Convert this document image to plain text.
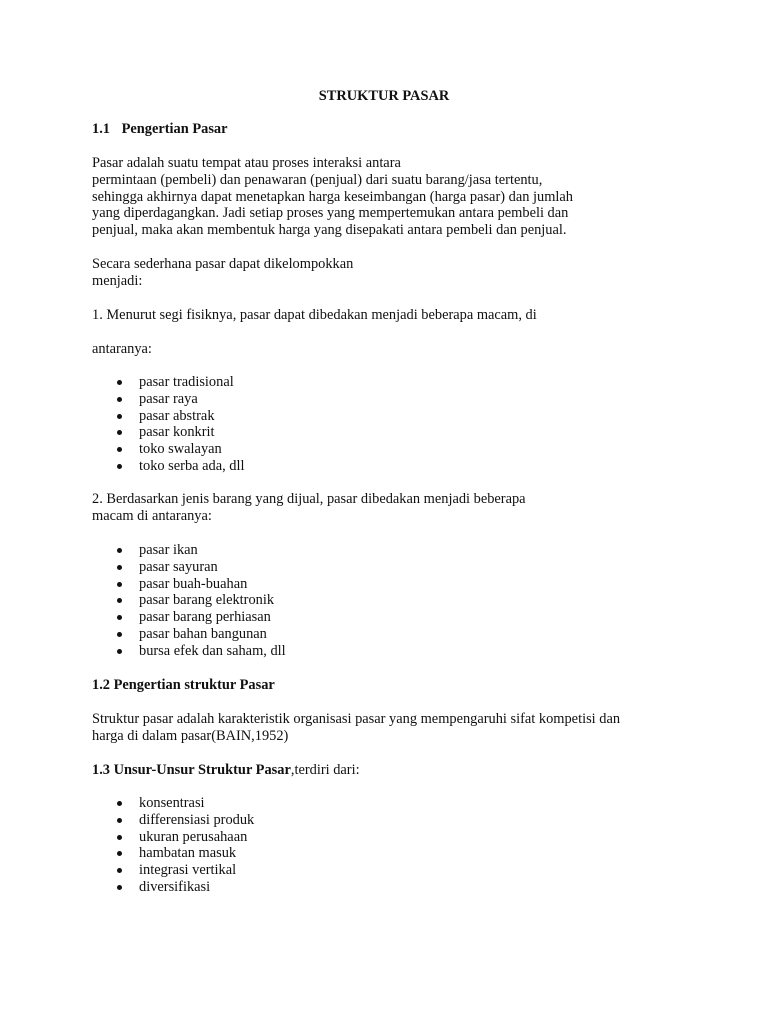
STRUKTUR PASAR
1.1 Pengertian Pasar

Pasar adalah suatu tempat atau proses interaksi antara
permintaan (pembeli) dan penawaran (penjual) dari suatu barang/jasa tertentu,
sehingga akhirnya dapat menetapkan harga keseimbangan (harga pasar) dan jumlah
yang diperdagangkan. Jadi setiap proses yang mempertemukan antara pembeli dan
penjual, maka akan membentuk harga yang disepakati antara pembeli dan penjual.

Secara sederhana pasar dapat dikelompokkan
menjadi:

1. Menurut segi fisiknya, pasar dapat dibedakan menjadi beberapa macam, di

antaranya:

pasar tradisional
pasar raya
pasar abstrak
pasar konkrit
toko swalayan
toko serba ada, dll

2. Berdasarkan jenis barang yang dijual, pasar dibedakan menjadi beberapa
macam di antaranya:

pasar ikan
pasar sayuran
pasar buah-buahan
pasar barang elektronik
pasar barang perhiasan
pasar bahan bangunan
bursa efek dan saham, dll
1.2 Pengertian struktur Pasar

Struktur pasar adalah karakteristik organisasi pasar yang mempengaruhi sifat kompetisi dan
harga di dalam pasar(BAIN,1952)

1.3 Unsur-Unsur Struktur Pasar,terdiri dari:
konsentrasi
differensiasi produk
ukuran perusahaan
hambatan masuk
integrasi vertikal
diversifikasi
